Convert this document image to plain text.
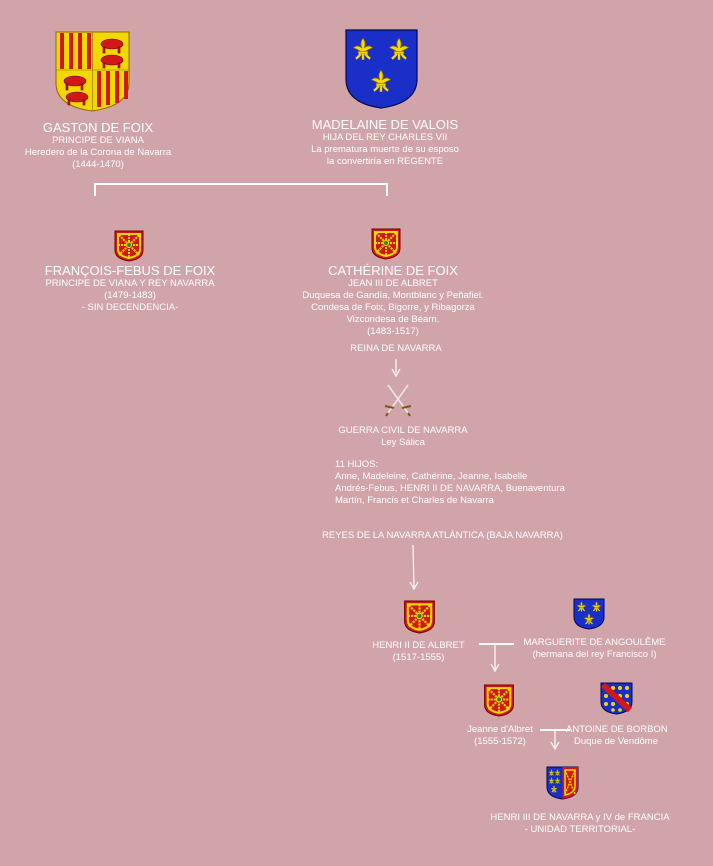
GASTON DE FOIX
PRINCIPE DE VIANA
Heredero de la Corona de Navarra
(1444-1470)
MADELAINE DE VALOIS
HIJA DEL REY CHARLES VII
La prematura muerte de su esposo
la convertiría en REGENTE
FRANÇOIS-FEBUS DE FOIX
PRINCIPE DE VIANA Y REY NAVARRA
(1479-1483)
- SIN DECENDENCIA-
CATHÉRINE DE FOIX
JEAN III DE ALBRET
Duquesa de Gandía, Montblanc y Peñafiel.
Condesa de Foix, Bigorre, y Ribagorza
Vizcondesa de Béarn.
(1483-1517)
REINA DE NAVARRA
GUERRA CIVIL DE NAVARRA
Ley Sálica
11 HIJOS:
Anne, Madeleine, Cathérine, Jeanne, Isabelle
Andrés-Febus, HENRI II DE NAVARRA, Buenaventura
Martín, Francis et Charles de Navarra
REYES DE LA NAVARRA ATLÁNTICA (BAJA NAVARRA)
HENRI II DE ALBRET
(1517-1555)
MARGUERITE DE ANGOULÊME
(hermana del rey Francisco I)
Jeanne d'Albret
(1555-1572)
ANTOINE DE BORBON
Duque de Vendôme
HENRI III DE NAVARRA y IV de FRANCIA
- UNIDAD TERRITORIAL-
